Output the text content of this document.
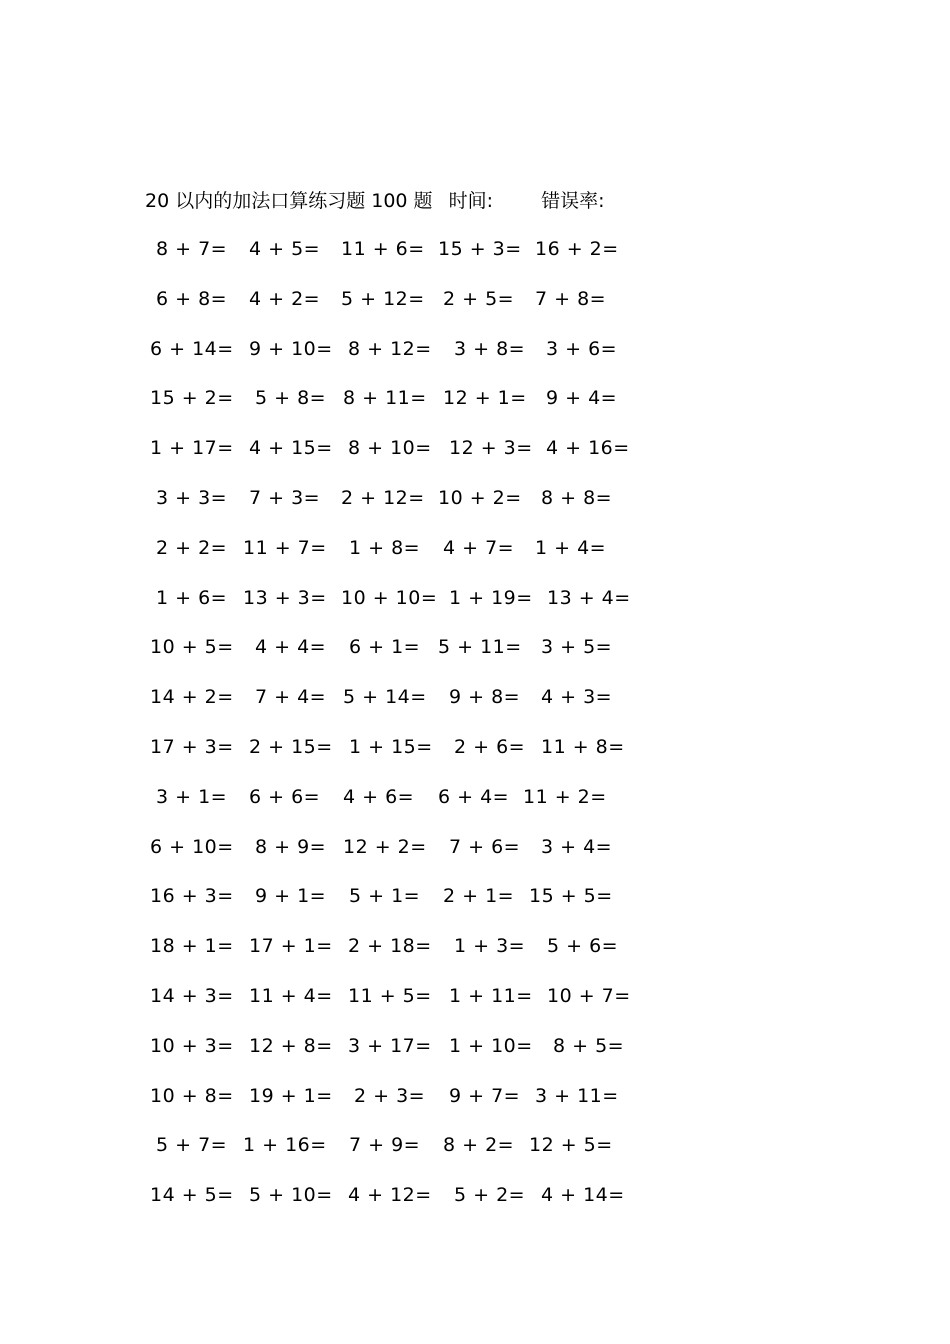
20 以内的加法口算练习题 100 题 时间:	错误率:
8 + 7= 4 + 5= 11 + 6= 15 + 3= 16 + 2=
6 + 8= 4 + 2= 5 + 12= 2 + 5= 7 + 8=
6 + 14= 9 + 10= 8 + 12= 3 + 8= 3 + 6=
15 + 2= 5 + 8= 8 + 11= 12 + 1= 9 + 4=
1 + 17= 4 + 15= 8 + 10= 12 + 3= 4 + 16=
3 + 3= 7 + 3= 2 + 12= 10 + 2= 8 + 8=
2 + 2= 11 + 7= 1 + 8= 4 + 7= 1 + 4=
1 + 6= 13 + 3= 10 + 10= 1 + 19= 13 + 4=
10 + 5= 4 + 4= 6 + 1= 5 + 11= 3 + 5=
14 + 2= 7 + 4= 5 + 14= 9 + 8= 4 + 3=
17 + 3= 2 + 15= 1 + 15= 2 + 6= 11 + 8=
3 + 1= 6 + 6= 4 + 6= 6 + 4= 11 + 2=
6 + 10= 8 + 9= 12 + 2= 7 + 6= 3 + 4=
16 + 3= 9 + 1= 5 + 1= 2 + 1= 15 + 5=
18 + 1= 17 + 1= 2 + 18= 1 + 3= 5 + 6=
14 + 3= 11 + 4= 11 + 5= 1 + 11= 10 + 7=
10 + 3= 12 + 8= 3 + 17= 1 + 10= 8 + 5=
10 + 8= 19 + 1= 2 + 3= 9 + 7= 3 + 11=
5 + 7= 1 + 16= 7 + 9= 8 + 2= 12 + 5=
14 + 5= 5 + 10= 4 + 12= 5 + 2= 4 + 14=
